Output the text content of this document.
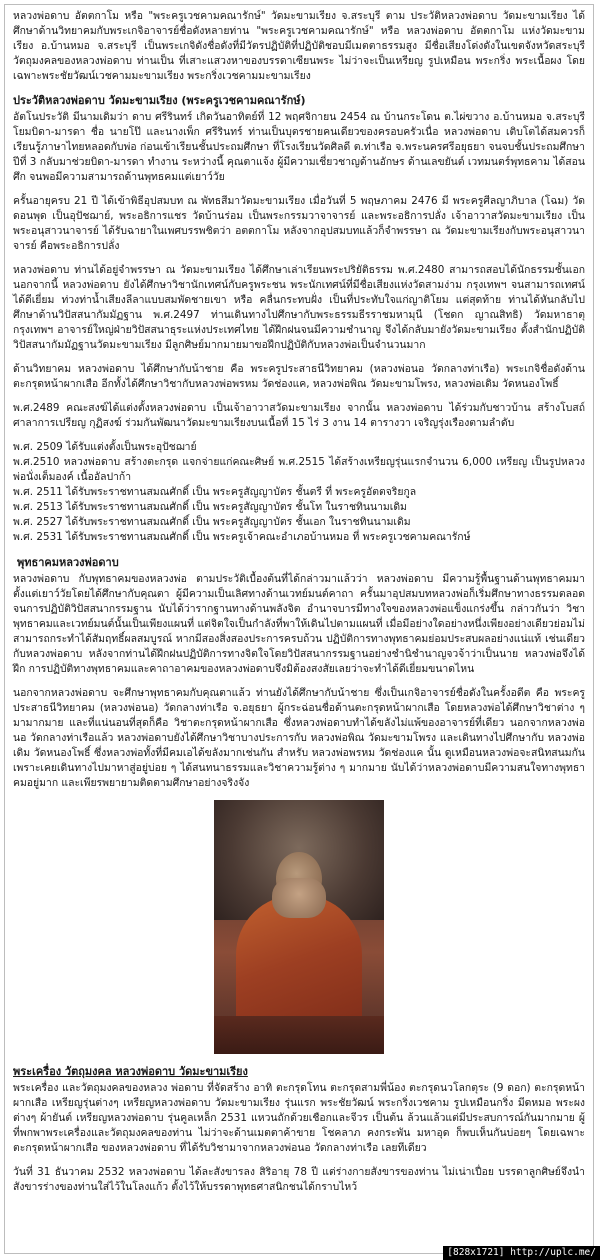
หลวงพ่อดาบ อัตตกาโม หรือ "พระครูเวชคามคณารักษ์" วัดมะขามเรียง จ.สระบุรี ตาม ประวัติหลวงพ่อดาบ วัดมะขามเรียง ได้ศึกษาด้านวิทยาคมกับพระเกจิอาจารย์ชื่อดังหลายท่าน "พระครูเวชคามคณารักษ์" หรือ หลวงพ่อดาบ อัตตกาโม แห่งวัดมะขามเรียง อ.บ้านหมอ จ.สระบุรี เป็นพระเกจิดังชื่อดังที่มีวัตรปฏิบัติที่ปฏิบัติชอบมีเมตตาธรรมสูง มีชื่อเสียงโด่งดังในเขตจังหวัดสระบุรี วัตถุมงคลของหลวงพ่อดาบ ท่านเป็น ที่เสาะแสวงหาของบรรดาเซียนพระ ไม่ว่าจะเป็นเหรียญ รูปเหมือน พระกริ่ง พระเนื้อผง โดยเฉพาะพระชัยวัฒน์เวชคามมะขามเรียง พระกริ่งเวชคามมะขามเรียง

ประวัติหลวงพ่อดาบ วัดมะขามเรียง (พระครูเวชคามคณารักษ์)

อัตโนประวัติ มีนามเดิมว่า ดาบ ศรีรินทร์ เกิดวันอาทิตย์ที่ 12 พฤศจิกายน 2454 ณ บ้านกระโดน ต.ไผ่ขวาง อ.บ้านหมอ จ.สระบุรี โยมบิดา-มารดา ชื่อ นายโป๊ และนางเพ็ก ศรีรินทร์ ท่านเป็นบุตรชายคนเดียวของครอบครัวเนื่อ หลวงพ่อดาบ เติบโตได้สมควรก็เรียนรู้ภาษาไทยหลอดกับพ่อ ก่อนเข้าเรียนชั้นประถมศึกษา ที่โรงเรียนวัดศิลดี ต.ท่าเรือ จ.พระนครศรีอยุธยา จนจบชั้นประถมศึกษาปีที่ 3 กลับมาช่วยบิดา-มารดา ทำงาน ระหว่างนี้ คุณตาแจ้ง ผู้มีความเชี่ยวชาญด้านอักษร ด้านเลขยันต์ เวทมนตร์พุทธคาม ได้สอนศึก จนพอมีความสามารถด้านพุทธคมแต่เยาว์วัย

ครั้นอายุครบ 21 ปี ได้เข้าพิธีอุปสมบท ณ พัทธสีมาวัดมะขามเรียง เมื่อวันที่ 5 พฤษภาคม 2476 มี พระครูศีลญาภิบาล (โฉม) วัดดอนพุด เป็นอุปัชฌาย์, พระอธิการแชร วัดบ้านร่อม เป็นพระกรรมวาจาจารย์ และพระอธิการปลั่ง เจ้าอาวาสวัดมะขามเรียง เป็นพระอนุสาวนาจารย์ ได้รับฉายาในเพศบรรพชิตว่า อตตกาโม หลังจากอุปสมบทแล้วก็จำพรรษา ณ วัดมะขามเรียงกับพระอนุสาวนาจารย์ คือพระอธิการปลั่ง

หลวงพ่อดาบ ท่านได้อยู่จำพรรษา ณ วัดมะขามเรียง ได้ศึกษาเล่าเรียนพระปริยัติธรรม พ.ศ.2480 สามารถสอบได้นักธรรมชั้นเอก นอกจากนี้ หลวงพ่อดาบ ยังได้ศึกษาวิชานักเทศน์กับครูพระชน พระนักเทศน์ที่มีชื่อเสียงแห่งวัดสามง่าม กรุงเทพฯ จนสามารถเทศน์ได้ดีเยี่ยม ท่วงท่าน้ำเสียงลีลาแบบสมพัดชายเขา หรือ คลื่นกระทบฝั่ง เป็นที่ประทับใจแก่ญาติโยม แต่สุดท้าย ท่านได้หันกลับไปศึกษาด้านวิปัสสนากัมมัฏฐาน พ.ศ.2497 ท่านเดินทางไปศึกษากับพระธรรมธีรราชมหามุนี (โชดก ญาณสิทธิ) วัดมหาธาตุ กรุงเทพฯ อาจารย์ใหญ่ฝ่ายวิปัสสนาธุระแห่งประเทศไทย ได้ฝึกฝนจนมีความชำนาญ จึงได้กลับมายังวัดมะขามเรียง ตั้งสำนักปฏิบัติวิปัสสนากัมมัฏฐานวัดมะขามเรียง มีลูกศิษย์มากมายมาขอฝึกปฏิบัติกับหลวงพ่อเป็นจำนวนมาก

ด้านวิทยาคม หลวงพ่อดาบ ได้ศึกษากับน้าชาย คือ พระครูประสาธนีวิทยาคม (หลวงพ่อนอ วัดกลางท่าเรือ) พระเกจิชื่อดังด้านตะกรุดหน้าผากเสือ อีกทั้งได้ศึกษาวิชากับหลวงพ่อพรหม วัดช่องแค, หลวงพ่อพิณ วัดมะขามโพรง, หลวงพ่อเดิม วัดหนองโพธิ์

พ.ศ.2489 คณะสงฆ์ได้แต่งตั้งหลวงพ่อดาบ เป็นเจ้าอาวาสวัดมะขามเรียง จากนั้น หลวงพ่อดาบ ได้ร่วมกับชาวบ้าน สร้างโบสถ์ ศาลาการเปรียญ กุฏิสงฆ์ ร่วมกันพัฒนาวัดมะขามเรียงบนเนื้อที่ 15 ไร่ 3 งาน 14 ตารางวา เจริญรุ่งเรืองตามลำดับ

พ.ศ. 2509 ได้รับแต่งตั้งเป็นพระอุปัชฌาย์

พ.ศ.2510 หลวงพ่อดาบ สร้างตะกรุด แจกจ่ายแก่คณะศิษย์ พ.ศ.2515 ได้สร้างเหรียญรุ่นแรกจำนวน 6,000 เหรียญ เป็นรูปหลวงพ่อนั่งเต็มองค์ เนื้ออัลปาก้า

พ.ศ. 2511 ได้รับพระราชทานสมณศักดิ์ เป็น พระครูสัญญาบัตร ชั้นตรี ที่ พระครูอัตตจริยกูล

พ.ศ. 2513 ได้รับพระราชทานสมณศักดิ์ เป็น พระครูสัญญาบัตร ชั้นโท ในราชทินนามเดิม

พ.ศ. 2527 ได้รับพระราชทานสมณศักดิ์ เป็น พระครูสัญญาบัตร ชั้นเอก ในราชทินนามเดิม

พ.ศ. 2531 ได้รับพระราชทานสมณศักดิ์ เป็น พระครูเจ้าคณะอำเภอบ้านหมอ ที่ พระครูเวชคามคณารักษ์

พุทธาคมหลวงพ่อดาบ

หลวงพ่อดาบ กับพุทธาคมของหลวงพ่อ ตามประวัติเบื้องต้นที่ได้กล่าวมาแล้วว่า หลวงพ่อดาบ มีความรู้พื้นฐานด้านพุทธาคมมาตั้งแต่เยาว์วัยโดยได้ศึกษากับคุณตา ผู้มีความเป็นเลิศทางด้านเวทย์มนต์คาถา ครั้นมาอุปสมบทหลวงพ่อก็เริ่มศึกษาทางธรรมตลอดจนการปฏิบัติวิปัสสนากรรมฐาน นับได้ว่ารากฐานทางด้านพลังจิต อำนาจบารมีทางใจของหลวงพ่อแข็งแกร่งขึ้น กล่าวกันว่า วิชาพุทธาคมและเวทย์มนต์นั้นเป็นเพียงแผนที่ แต่จิตใจเป็นกำลังที่พาให้เดินไปตามแผนที่ เมื่อมีอย่างใดอย่างหนึ่งเพียงอย่างเดียวย่อมไม่สามารถกระทำได้สัมฤทธิ์ผลสมบูรณ์ หากมีสองสิ่งสองประการครบถ้วน ปฏิบัติการทางพุทธาคมย่อมประสบผลอย่างแน่แท้ เช่นเดียวกับหลวงพ่อดาบ หลังจากท่านได้ฝึกฝนปฏิบัติการทางจิตใจโดยวิปัสสนากรรมฐานอย่างชำนิชำนาญจวจ้าว่าเป็นนาย หลวงพ่อจึงได้ฝึก การปฏิบัติทางพุทธาคมและคาถาอาคมของหลวงพ่อดาบจึงมิต้องสงสัยเลยว่าจะทำได้ดีเยี่ยมขนาดไหน

นอกจากหลวงพ่อดาบ จะศึกษาพุทธาคมกับคุณตาแล้ว ท่านยังได้ศึกษากับน้าชาย ซึ่งเป็นเกจิอาจารย์ชื่อดังในครั้งอดีต คือ พระครูประสาธนีวิทยาคม (หลวงพ่อนอ) วัดกลางท่าเรือ จ.อยุธยา ผู้กระฉ่อนชื่อด้านตะกรุดหน้าผากเสือ โดยหลวงพ่อได้ศึกษาวิชาต่าง ๆ มามากมาย และที่แน่นอนที่สุดก็คือ วิชาตะกรุดหน้าผากเสือ ซึ่งหลวงพ่อดาบทำได้ขลังไม่แพ้ของอาจารย์ที่เดียว นอกจากหลวงพ่อนอ วัดกลางท่าเรือแล้ว หลวงพ่อดาบยังได้ศึกษาวิชาบางประการกับ หลวงพ่อพิณ วัดมะขามโพรง และเดินทางไปศึกษากับ หลวงพ่อเดิม วัดหนองโพธิ์ ซึ่งหลวงพ่อทั้งที่มีคมเอได้ขลังมากเช่นกัน สำหรับ หลวงพ่อพรหม วัดช่องแค นั้น ดูเหมือนหลวงพ่อจะสนิทสนมกัน เพราะเคยเดินทางไปมาหาสู่อยู่บ่อย ๆ ได้สนทนาธรรมและวิชาความรู้ต่าง ๆ มากมาย นับได้ว่าหลวงพ่อดาบมีความสนใจทางพุทธาคมอยู่มาก และเพียรพยายามติดตามศึกษาอย่างจริงจัง

พระเครื่อง วัตถุมงคล หลวงพ่อดาบ วัดมะขามเรียง

พระเครื่อง และวัตถุมงคลของหลวง พ่อดาบ ที่จัดสร้าง อาทิ ตะกรุดโทน ตะกรุดสามพี่น้อง ตะกรุดนวโลกตุระ (9 ดอก) ตะกรุดหน้าผากเสือ เหรียญรุ่นต่างๆ เหรียญหลวงพ่อดาบ วัดมะขามเรียง รุ่นแรก พระชัยวัฒน์ พระกริ่งเวชคาม รูปเหมือนกริ่ง มีดหมอ พระผงต่างๆ ผ้ายันต์ เหรียญหลวงพ่อดาบ รุ่นคูลเหล็ก 2531 แหวนถักด้วยเชือกและจีวร เป็นต้น ล้วนแล้วแต่มีประสบการณ์กันมากมาย ผู้ที่พกพาพระเครื่องและวัตถุมงคลของท่าน ไม่ว่าจะด้านเมตตาค้าขาย โชคลาภ คงกระพัน มหาอุด ก็พบเห็นกันบ่อยๆ โดยเฉพาะตะกรุดหน้าผากเสือ ของหลวงพ่อดาบ ที่ได้รับวิชามาจากหลวงพ่อนอ วัดกลางท่าเรือ เลยทีเดียว

วันที่ 31 ธันวาคม 2532 หลวงพ่อดาบ ได้ละสังขารลง สิริอายุ 78 ปี แต่ร่างกายสังขารของท่าน ไม่เน่าเปื่อย บรรดาลูกศิษย์จึงนำสังขารร่างของท่านใส่ไว้ในโลงแก้ว ตั้งไว้ให้บรรดาพุทธศาสนิกชนได้กราบไหว้

[828x1721] http://uplc.me/
